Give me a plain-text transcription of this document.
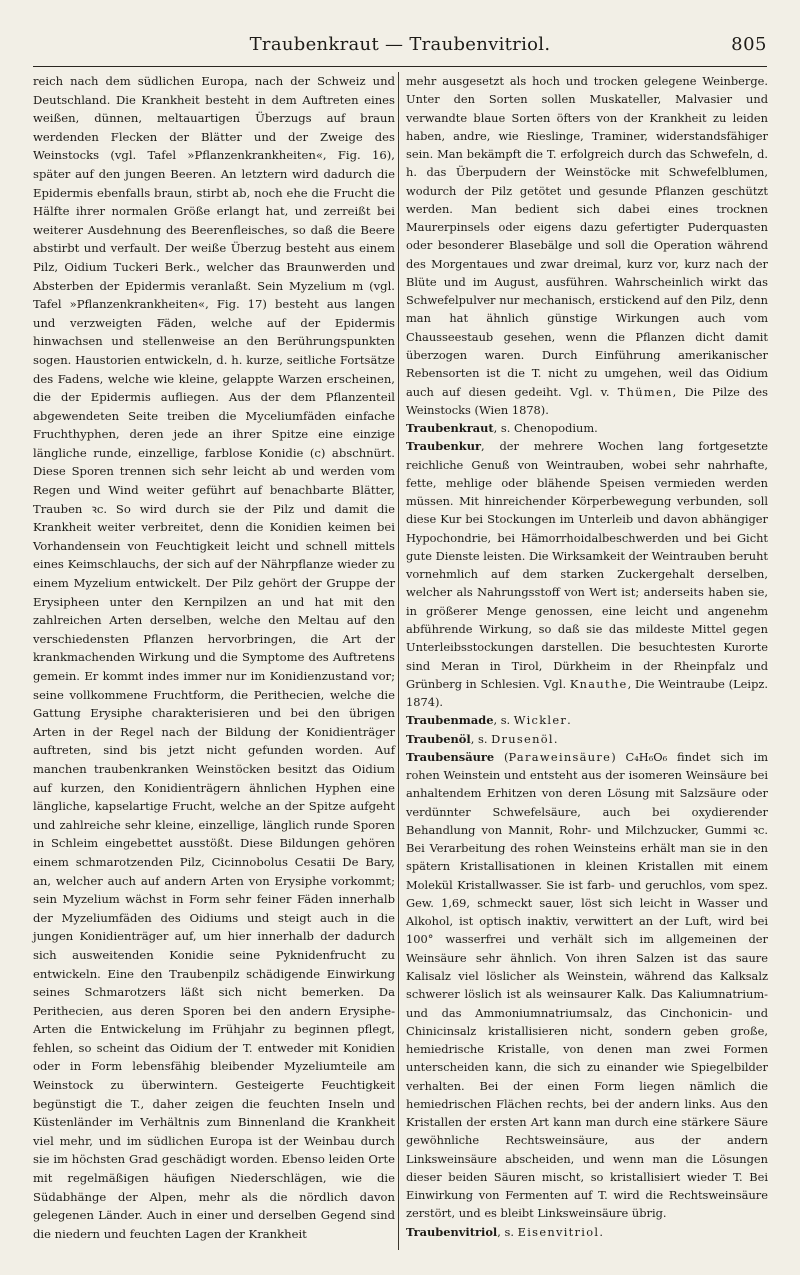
Traubenkraut — Traubenvitriol.	805

reich nach dem südlichen Europa, nach der Schweiz und Deutschland. Die Krankheit besteht in dem Auftreten eines weißen, dünnen, meltauartigen Überzugs auf braun werdenden Flecken der Blätter und der Zweige des Weinstocks (vgl. Tafel »Pflanzenkrankheiten«, Fig. 16), später auf den jungen Beeren. An letztern wird dadurch die Epidermis ebenfalls braun, stirbt ab, noch ehe die Frucht die Hälfte ihrer normalen Größe erlangt hat, und zerreißt bei weiterer Ausdehnung des Beerenfleisches, so daß die Beere abstirbt und verfault. Der weiße Überzug besteht aus einem Pilz, Oidium Tuckeri Berk., welcher das Braunwerden und Absterben der Epidermis veranlaßt. Sein Myzelium m (vgl. Tafel »Pflanzenkrankheiten«, Fig. 17) besteht aus langen und verzweigten Fäden, welche auf der Epidermis hinwachsen und stellenweise an den Berührungspunkten sogen. Haustorien entwickeln, d. h. kurze, seitliche Fortsätze des Fadens, welche wie kleine, gelappte Warzen erscheinen, die der Epidermis aufliegen. Aus der dem Pflanzenteil abgewendeten Seite treiben die Myceliumfäden einfache Fruchthyphen, deren jede an ihrer Spitze eine einzige längliche runde, einzellige, farblose Konidie (c) abschnürt. Diese Sporen trennen sich sehr leicht ab und werden vom Regen und Wind weiter geführt auf benachbarte Blätter, Trauben ꝛc. So wird durch sie der Pilz und damit die Krankheit weiter verbreitet, denn die Konidien keimen bei Vorhandensein von Feuchtigkeit leicht und schnell mittels eines Keimschlauchs, der sich auf der Nährpflanze wieder zu einem Myzelium entwickelt. Der Pilz gehört der Gruppe der Erysipheen unter den Kernpilzen an und hat mit den zahlreichen Arten derselben, welche den Meltau auf den verschiedensten Pflanzen hervorbringen, die Art der krankmachenden Wirkung und die Symptome des Auftretens gemein. Er kommt indes immer nur im Konidienzustand vor; seine vollkommene Fruchtform, die Perithecien, welche die Gattung Erysiphe charakterisieren und bei den übrigen Arten in der Regel nach der Bildung der Konidienträger auftreten, sind bis jetzt nicht gefunden worden. Auf manchen traubenkranken Weinstöcken besitzt das Oidium auf kurzen, den Konidienträgern ähnlichen Hyphen eine längliche, kapselartige Frucht, welche an der Spitze aufgeht und zahlreiche sehr kleine, einzellige, länglich runde Sporen in Schleim eingebettet ausstößt. Diese Bildungen gehören einem schmarotzenden Pilz, Cicinnobolus Cesatii De Bary, an, welcher auch auf andern Arten von Erysiphe vorkommt; sein Myzelium wächst in Form sehr feiner Fäden innerhalb der Myzeliumfäden des Oidiums und steigt auch in die jungen Konidienträger auf, um hier innerhalb der dadurch sich ausweitenden Konidie seine Pyknidenfrucht zu entwickeln. Eine den Traubenpilz schädigende Einwirkung seines Schmarotzers läßt sich nicht bemerken. Da Perithecien, aus deren Sporen bei den andern Erysiphe-Arten die Entwickelung im Frühjahr zu beginnen pflegt, fehlen, so scheint das Oidium der T. entweder mit Konidien oder in Form lebensfähig bleibender Myzeliumteile am Weinstock zu überwintern. Gesteigerte Feuchtigkeit begünstigt die T., daher zeigen die feuchten Inseln und Küstenländer im Verhältnis zum Binnenland die Krankheit viel mehr, und im südlichen Europa ist der Weinbau durch sie im höchsten Grad geschädigt worden. Ebenso leiden Orte mit regelmäßigen häufigen Niederschlägen, wie die Südabhänge der Alpen, mehr als die nördlich davon gelegenen Länder. Auch in einer und derselben Gegend sind die niedern und feuchten Lagen der Krankheit

mehr ausgesetzt als hoch und trocken gelegene Weinberge. Unter den Sorten sollen Muskateller, Malvasier und verwandte blaue Sorten öfters von der Krankheit zu leiden haben, andre, wie Rieslinge, Traminer, widerstandsfähiger sein. Man bekämpft die T. erfolgreich durch das Schwefeln, d. h. das Überpudern der Weinstöcke mit Schwefelblumen, wodurch der Pilz getötet und gesunde Pflanzen geschützt werden. Man bedient sich dabei eines trocknen Maurerpinsels oder eigens dazu gefertigter Puderquasten oder besonderer Blasebälge und soll die Operation während des Morgentaues und zwar dreimal, kurz vor, kurz nach der Blüte und im August, ausführen. Wahrscheinlich wirkt das Schwefelpulver nur mechanisch, erstickend auf den Pilz, denn man hat ähnlich günstige Wirkungen auch vom Chausseestaub gesehen, wenn die Pflanzen dicht damit überzogen waren. Durch Einführung amerikanischer Rebensorten ist die T. nicht zu umgehen, weil das Oidium auch auf diesen gedeiht. Vgl. v. Thümen, Die Pilze des Weinstocks (Wien 1878).

Traubenkraut, s. Chenopodium.

Traubenkur, der mehrere Wochen lang fortgesetzte reichliche Genuß von Weintrauben, wobei sehr nahrhafte, fette, mehlige oder blähende Speisen vermieden werden müssen. Mit hinreichender Körperbewegung verbunden, soll diese Kur bei Stockungen im Unterleib und davon abhängiger Hypochondrie, bei Hämorrhoidalbeschwerden und bei Gicht gute Dienste leisten. Die Wirksamkeit der Weintrauben beruht vornehmlich auf dem starken Zuckergehalt derselben, welcher als Nahrungsstoff von Wert ist; anderseits haben sie, in größerer Menge genossen, eine leicht und angenehm abführende Wirkung, so daß sie das mildeste Mittel gegen Unterleibsstockungen darstellen. Die besuchtesten Kurorte sind Meran in Tirol, Dürkheim in der Rheinpfalz und Grünberg in Schlesien. Vgl. Knauthe, Die Weintraube (Leipz. 1874).

Traubenmade, s. Wickler.

Traubenöl, s. Drusenöl.

Traubensäure (Paraweinsäure) C₄H₆O₆ findet sich im rohen Weinstein und entsteht aus der isomeren Weinsäure bei anhaltendem Erhitzen von deren Lösung mit Salzsäure oder verdünnter Schwefelsäure, auch bei oxydierender Behandlung von Mannit, Rohr- und Milchzucker, Gummi ꝛc. Bei Verarbeitung des rohen Weinsteins erhält man sie in den spätern Kristallisationen in kleinen Kristallen mit einem Molekül Kristallwasser. Sie ist farb- und geruchlos, vom spez. Gew. 1,69, schmeckt sauer, löst sich leicht in Wasser und Alkohol, ist optisch inaktiv, verwittert an der Luft, wird bei 100° wasserfrei und verhält sich im allgemeinen der Weinsäure sehr ähnlich. Von ihren Salzen ist das saure Kalisalz viel löslicher als Weinstein, während das Kalksalz schwerer löslich ist als weinsaurer Kalk. Das Kaliumnatrium- und das Ammoniumnatriumsalz, das Cinchonicin- und Chinicinsalz kristallisieren nicht, sondern geben große, hemiedrische Kristalle, von denen man zwei Formen unterscheiden kann, die sich zu einander wie Spiegelbilder verhalten. Bei der einen Form liegen nämlich die hemiedrischen Flächen rechts, bei der andern links. Aus den Kristallen der ersten Art kann man durch eine stärkere Säure gewöhnliche Rechtsweinsäure, aus der andern Linksweinsäure abscheiden, und wenn man die Lösungen dieser beiden Säuren mischt, so kristallisiert wieder T. Bei Einwirkung von Fermenten auf T. wird die Rechtsweinsäure zerstört, und es bleibt Linksweinsäure übrig.

Traubenvitriol, s. Eisenvitriol.
